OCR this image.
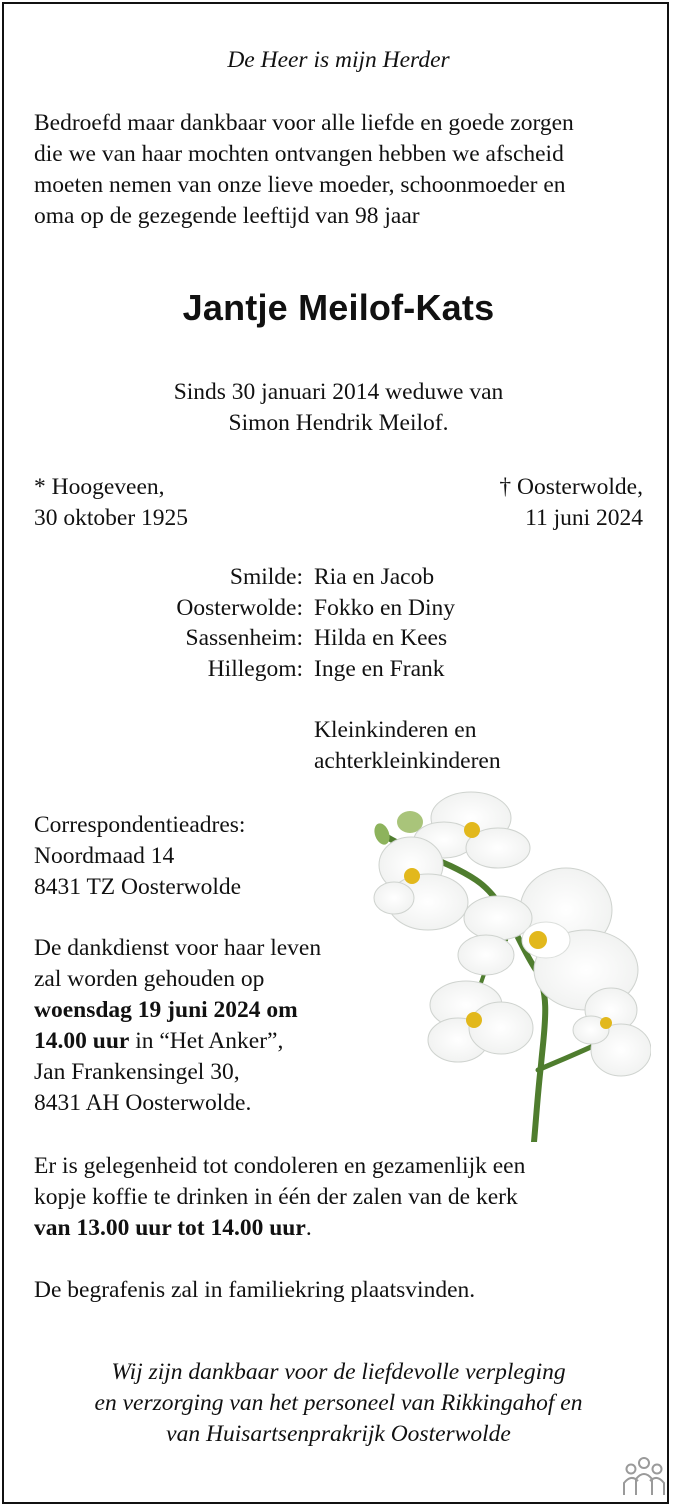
De Heer is mijn Herder
Bedroefd maar dankbaar voor alle liefde en goede zorgen
die we van haar mochten ontvangen hebben we afscheid
moeten nemen van onze lieve moeder, schoonmoeder en
oma op de gezegende leeftijd van 98 jaar
Jantje Meilof-Kats
Sinds 30 januari 2014 weduwe van
Simon Hendrik Meilof.
* Hoogeveen,
30 oktober 1925
† Oosterwolde,
11 juni 2024
Smilde: Ria en Jacob
Oosterwolde: Fokko en Diny
Sassenheim: Hilda en Kees
Hillegom: Inge en Frank
Kleinkinderen en
achterkleinkinderen
Correspondentieadres:
Noordmaad 14
8431 TZ Oosterwolde
De dankdienst voor haar leven
zal worden gehouden op
woensdag 19 juni 2024 om
14.00 uur in “Het Anker”,
Jan Frankensingel 30,
8431 AH Oosterwolde.
Er is gelegenheid tot condoleren en gezamenlijk een
kopje koffie te drinken in één der zalen van de kerk
van 13.00 uur tot 14.00 uur.
De begrafenis zal in familiekring plaatsvinden.
Wij zijn dankbaar voor de liefdevolle verpleging
en verzorging van het personeel van Rikkingahof en
van Huisartsenprakrijk Oosterwolde
